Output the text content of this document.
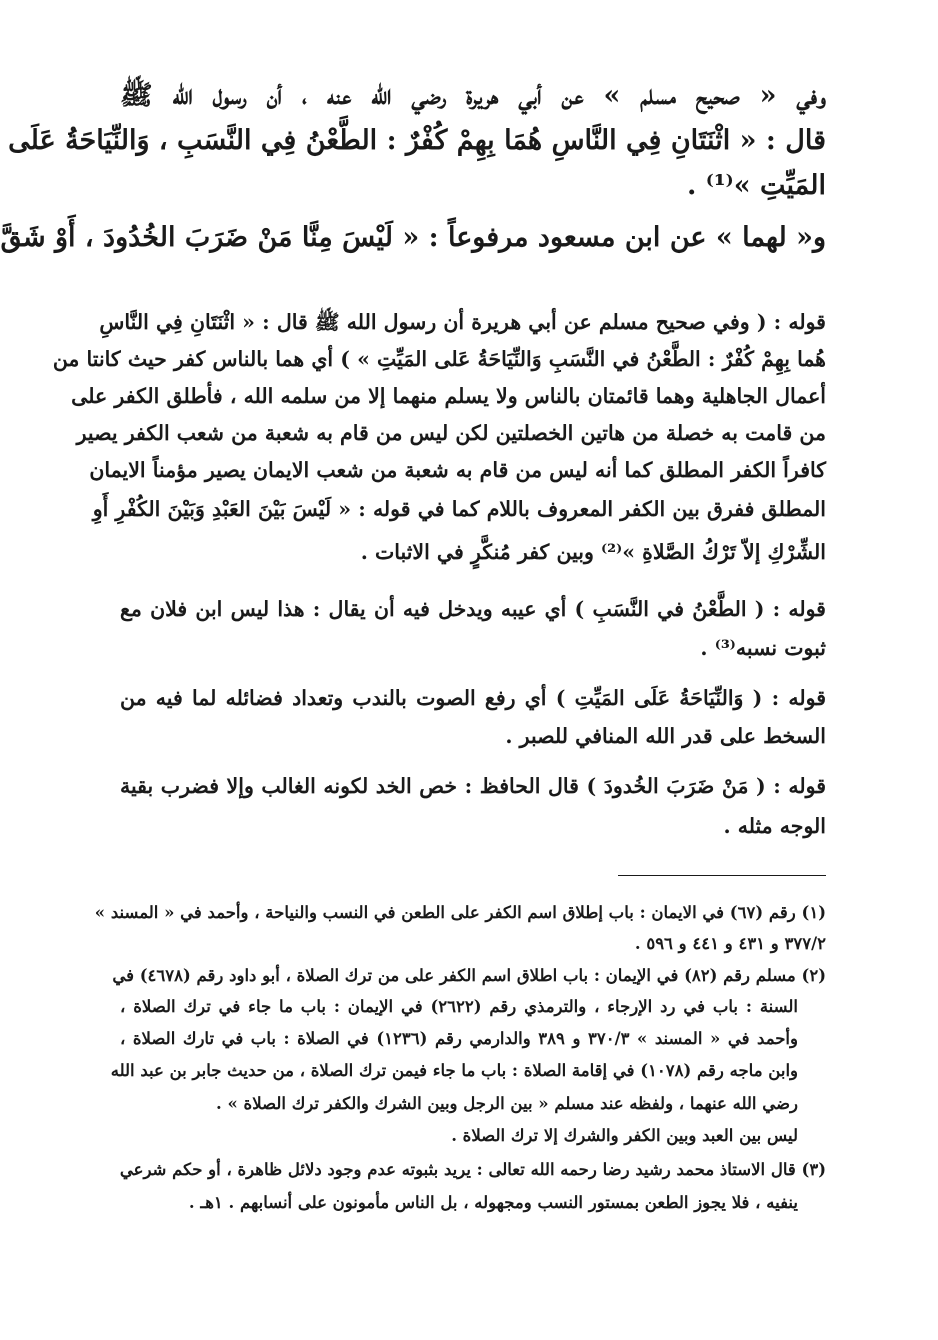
وفي « صحيح مسلم » عن أبي هريرة رضي الله عنه ، أن رسول الله ﷺ
قال : « اثْنَتَانِ فِي النَّاسِ هُمَا بِهِمْ كُفْرٌ : الطَّعْنُ فِي النَّسَبِ ، وَالنِّيَاحَةُ عَلَى
المَيِّتِ »⁽¹⁾ .
و« لهما » عن ابن مسعود مرفوعاً : « لَيْسَ مِنَّا مَنْ ضَرَبَ الخُدُودَ ، أَوْ شَقَّ
قوله : ( وفي صحيح مسلم عن أبي هريرة أن رسول الله ﷺ قال : « اثْنَتَانِ فِي النَّاسِ
هُما بِهِمْ كُفْرٌ : الطَّعْنُ في النَّسَبِ وَالنِّيَاحَةُ عَلى المَيِّتِ » ) أي هما بالناس كفر حيث كانتا من
أعمال الجاهلية وهما قائمتان بالناس ولا يسلم منهما إلا من سلمه الله ، فأطلق الكفر على
من قامت به خصلة من هاتين الخصلتين لكن ليس من قام به شعبة من شعب الكفر يصير
كافراً الكفر المطلق كما أنه ليس من قام به شعبة من شعب الايمان يصير مؤمناً الايمان
المطلق ففرق بين الكفر المعروف باللام كما في قوله : « لَيْسَ بَيْنَ العَبْدِ وَبَيْنَ الكُفْرِ أَوِ
الشِّرْكِ إلاّ تَرْكُ الصَّلاةِ »⁽²⁾ وبين كفر مُنكَّرٍ في الاثبات .
قوله : ( الطَّعْنُ في النَّسَبِ ) أي عيبه ويدخل فيه أن يقال : هذا ليس ابن فلان مع
ثبوت نسبه⁽³⁾ .
قوله : ( وَالنِّيَاحَةُ عَلَى المَيِّتِ ) أي رفع الصوت بالندب وتعداد فضائله لما فيه من
السخط على قدر الله المنافي للصبر .
قوله : ( مَنْ ضَرَبَ الخُدودَ ) قال الحافظ : خص الخد لكونه الغالب وإلا فضرب بقية
الوجه مثله .
(١) رقم (٦٧) في الايمان : باب إطلاق اسم الكفر على الطعن في النسب والنياحة ، وأحمد في « المسند »
٣٧٧/٢ و ٤٣١ و ٤٤١ و ٥٩٦ .
(٢) مسلم رقم (٨٢) في الإيمان : باب اطلاق اسم الكفر على من ترك الصلاة ، أبو داود رقم (٤٦٧٨) في
السنة : باب في رد الإرجاء ، والترمذي رقم (٢٦٢٢) في الإيمان : باب ما جاء في ترك الصلاة ،
وأحمد في « المسند » ٣٧٠/٣ و ٣٨٩ والدارمي رقم (١٢٣٦) في الصلاة : باب في تارك الصلاة ،
وابن ماجه رقم (١٠٧٨) في إقامة الصلاة : باب ما جاء فيمن ترك الصلاة ، من حديث جابر بن عبد الله
رضي الله عنهما ، ولفظه عند مسلم « بين الرجل وبين الشرك والكفر ترك الصلاة » .
ليس بين العبد وبين الكفر والشرك إلا ترك الصلاة .
(٣) قال الاستاذ محمد رشيد رضا رحمه الله تعالى : يريد بثبوته عدم وجود دلائل ظاهرة ، أو حكم شرعي
ينفيه ، فلا يجوز الطعن بمستور النسب ومجهوله ، بل الناس مأمونون على أنسابهم . ١هـ .
